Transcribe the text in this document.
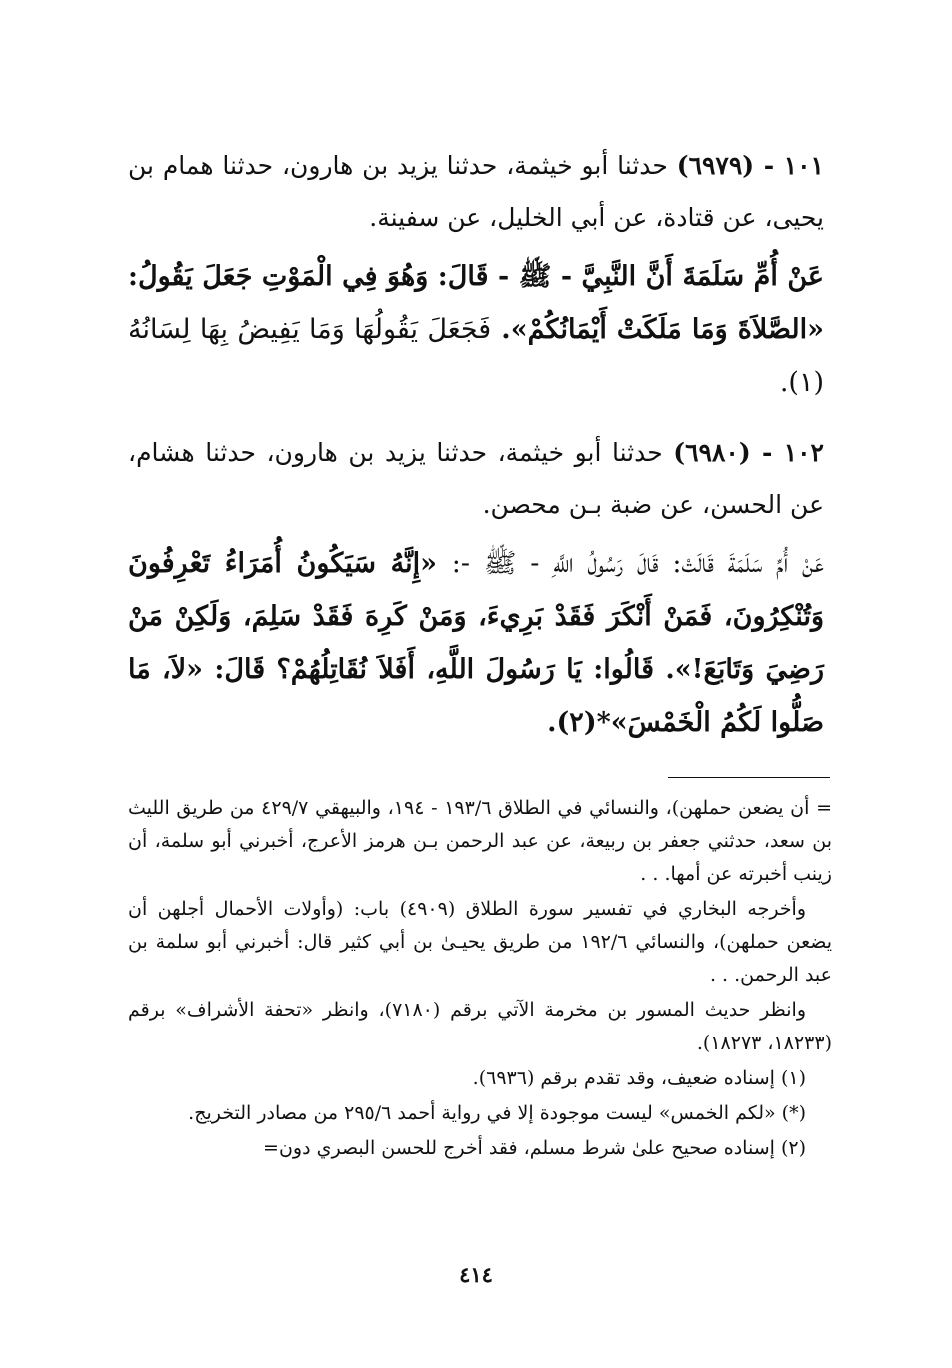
١٠١ - (٦٩٧٩) حدثنا أبو خيثمة، حدثنا يزيد بن هارون، حدثنا همام بن يحيى، عن قتادة، عن أبي الخليل، عن سفينة.

عَنْ أُمِّ سَلَمَةَ أَنَّ النَّبِيَّ - ﷺ - قَالَ: وَهُوَ فِي الْمَوْتِ جَعَلَ يَقُولُ: «الصَّلاَةَ وَمَا مَلَكَتْ أَيْمَانُكُمْ». فَجَعَلَ يَقُولُهَا وَمَا يَفِيضُ بِهَا لِسَانُهُ (١).

١٠٢ - (٦٩٨٠) حدثنا أبو خيثمة، حدثنا يزيد بن هارون، حدثنا هشام، عن الحسن، عن ضبة بـن محصن.

عَنْ أُمِّ سَلَمَةَ قَالَتْ: قَالَ رَسُولُ اللَّهِ - ﷺ -: «إِنَّهُ سَيَكُونُ أُمَرَاءُ تَعْرِفُونَ وَتُنْكِرُونَ، فَمَنْ أَنْكَرَ فَقَدْ بَرِيءَ، وَمَنْ كَرِهَ فَقَدْ سَلِمَ، وَلَكِنْ مَنْ رَضِيَ وَتَابَعَ!». قَالُوا: يَا رَسُولَ اللَّهِ، أَفَلاَ نُقَاتِلُهُمْ؟ قَالَ: «لاَ، مَا صَلُّوا لَكُمُ الْخَمْسَ»*(٢).

= أن يضعن حملهن)، والنسائي في الطلاق ١٩٣/٦ - ١٩٤، والبيهقي ٤٢٩/٧ من طريق الليث بن سعد، حدثني جعفر بن ربيعة، عن عبد الرحمن بـن هرمز الأعرج، أخبرني أبو سلمة، أن زينب أخبرته عن أمها. . .

وأخرجه البخاري في تفسير سورة الطلاق (٤٩٠٩) باب: (وأولات الأحمال أجلهن أن يضعن حملهن)، والنسائي ١٩٢/٦ من طريق يحيـىٰ بن أبي كثير قال: أخبرني أبو سلمة بن عبد الرحمن. . .

وانظر حديث المسور بن مخرمة الآتي برقم (٧١٨٠)، وانظر «تحفة الأشراف» برقم (١٨٢٣٣، ١٨٢٧٣).

(١) إسناده ضعيف، وقد تقدم برقم (٦٩٣٦).

(*) «لكم الخمس» ليست موجودة إلا في رواية أحمد ٢٩٥/٦ من مصادر التخريج.

(٢) إسناده صحيح علىٰ شرط مسلم، فقد أخرج للحسن البصري دون=

٤١٤
